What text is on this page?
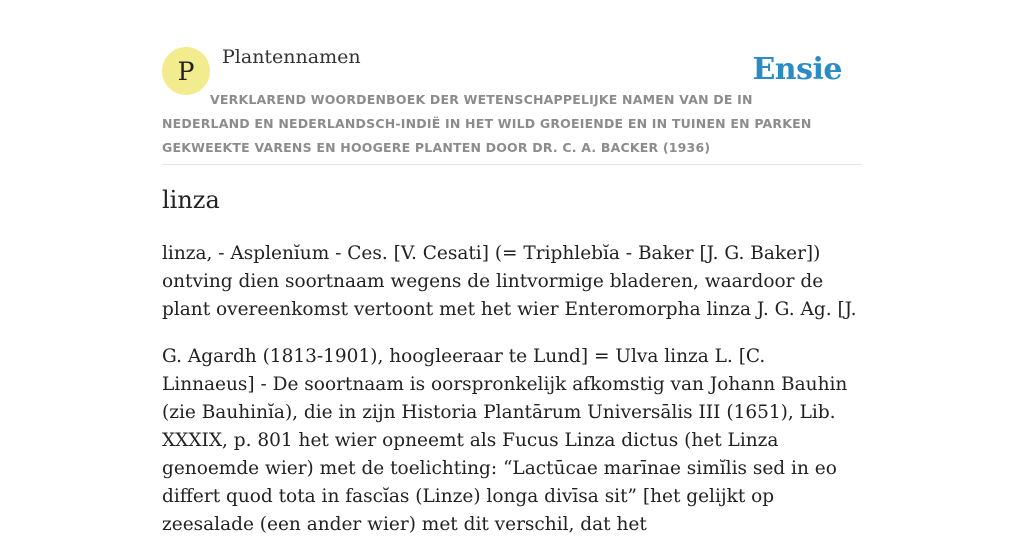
P Plantennamen	Ensie
VERKLAREND WOORDENBOEK DER WETENSCHAPPELIJKE NAMEN VAN DE IN NEDERLAND EN NEDERLANDSCH-INDIË IN HET WILD GROEIENDE EN IN TUINEN EN PARKEN GEKWEEKTE VARENS EN HOOGERE PLANTEN DOOR DR. C. A. BACKER (1936)
linza

linza, - Asplenĭum - Ces. [V. Cesati] (= Triphlebĭa - Baker [J. G. Baker]) ontving dien soortnaam wegens de lintvormige bladeren, waardoor de plant overeenkomst vertoont met het wier Enteromorpha linza J. G. Ag. [J.

G. Agardh (1813-1901), hoogleeraar te Lund] = Ulva linza L. [C. Linnaeus] - De soortnaam is oorspronkelijk afkomstig van Johann Bauhin (zie Bauhinĭa), die in zijn Historia Plantārum Universālis III (1651), Lib. XXXIX, p. 801 het wier opneemt als Fucus Linza dictus (het Linza genoemde wier) met de toelichting: “Lactūcae marīnae simĭlis sed in eo differt quod tota in fascĭas (Linze) longa divīsa sit” [het gelijkt op zeesalade (een ander wier) met dit verschil, dat het
